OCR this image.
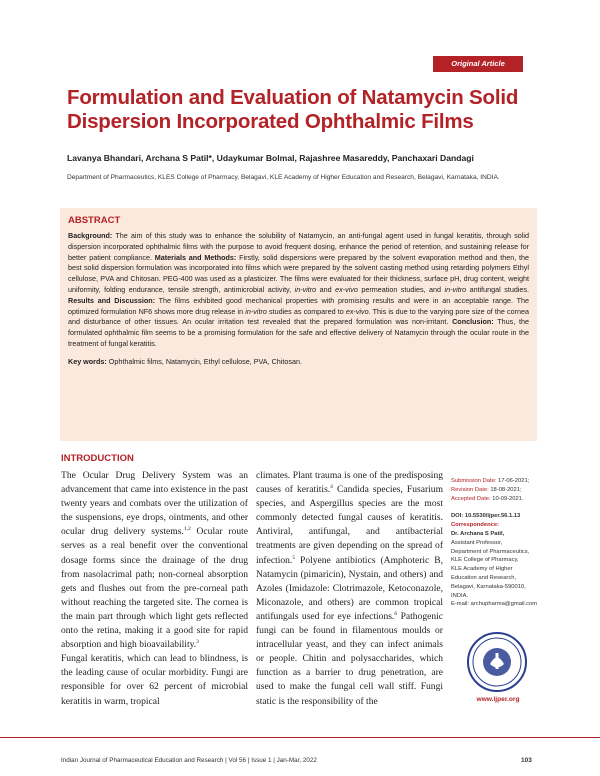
Original Article
Formulation and Evaluation of Natamycin Solid Dispersion Incorporated Ophthalmic Films
Lavanya Bhandari, Archana S Patil*, Udaykumar Bolmal, Rajashree Masareddy, Panchaxari Dandagi
Department of Pharmaceutics, KLES College of Pharmacy, Belagavi, KLE Academy of Higher Education and Research, Belagavi, Karnataka, INDIA.
ABSTRACT

Background: The aim of this study was to enhance the solubility of Natamycin, an anti-fungal agent used in fungal keratitis, through solid dispersion incorporated ophthalmic films with the purpose to avoid frequent dosing, enhance the period of retention, and sustaining release for better patient compliance. Materials and Methods: Firstly, solid dispersions were prepared by the solvent evaporation method and then, the best solid dispersion formulation was incorporated into films which were prepared by the solvent casting method using retarding polymers Ethyl cellulose, PVA and Chitosan. PEG-400 was used as a plasticizer. The films were evaluated for their thickness, surface pH, drug content, weight uniformity, folding endurance, tensile strength, antimicrobial activity, in-vitro and ex-vivo permeation studies, and in-vitro antifungal studies. Results and Discussion: The films exhibited good mechanical properties with promising results and were in an acceptable range. The optimized formulation NF6 shows more drug release in in-vitro studies as compared to ex-vivo. This is due to the varying pore size of the cornea and disturbance of other tissues. An ocular irritation test revealed that the prepared formulation was non-irritant. Conclusion: Thus, the formulated ophthalmic film seems to be a promising formulation for the safe and effective delivery of Natamycin through the ocular route in the treatment of fungal keratitis.

Key words: Ophthalmic films, Natamycin, Ethyl cellulose, PVA, Chitosan.

INTRODUCTION

The Ocular Drug Delivery System was an advancement that came into existence in the past twenty years and combats over the utilization of the suspensions, eye drops, ointments, and other ocular drug delivery systems.$^{1,2}$ Ocular route serves as a real benefit over the conventional dosage forms since the drainage of the drug from nasolacrimal path; non-corneal absorption gets and flushes out from the pre-corneal path without reaching the targeted site. The cornea is the main part through which light gets reflected onto the retina, making it a good site for rapid absorption and high bioavailability.$^3$

Fungal keratitis, which can lead to blindness, is the leading cause of ocular morbidity. Fungi are responsible for over 62 percent of microbial keratitis in warm, tropical

climates. Plant trauma is one of the predisposing causes of keratitis.$^4$ Candida species, Fusarium species, and Aspergillus species are the most commonly detected fungal causes of keratitis. Antiviral, antifungal, and antibacterial treatments are given depending on the spread of infection.$^5$ Polyene antibiotics (Amphoteric B, Natamycin (pimaricin), Nystain, and others) and Azoles (Imidazole: Clotrimazole, Ketoconazole, Miconazole, and others) are common tropical antifungals used for eye infections.$^6$ Pathogenic fungi can be found in filamentous moulds or intracellular yeast, and they can infect animals or people. Chitin and polysaccharides, which function as a barrier to drug penetration, are used to make the fungal cell wall stiff. Fungi static is the responsibility of the

Submission Date: 17-06-2021;
Revision Date: 18-08-2021;
Accepted Date: 10-09-2021.
DOI: 10.5530/ijper.56.1.13
Correspondence:
Dr. Archana S Patil,
Assistant Professor,
Department of Pharmaceutics,
KLE College of Pharmacy,
KLE Academy of Higher
Education and Research,
Belagavi, Karnataka-590010,
INDIA.
E-mail: archupharma@gmail.com
www.ijper.org
Indian Journal of Pharmaceutical Education and Research | Vol 56 | Issue 1 | Jan-Mar, 2022	103
